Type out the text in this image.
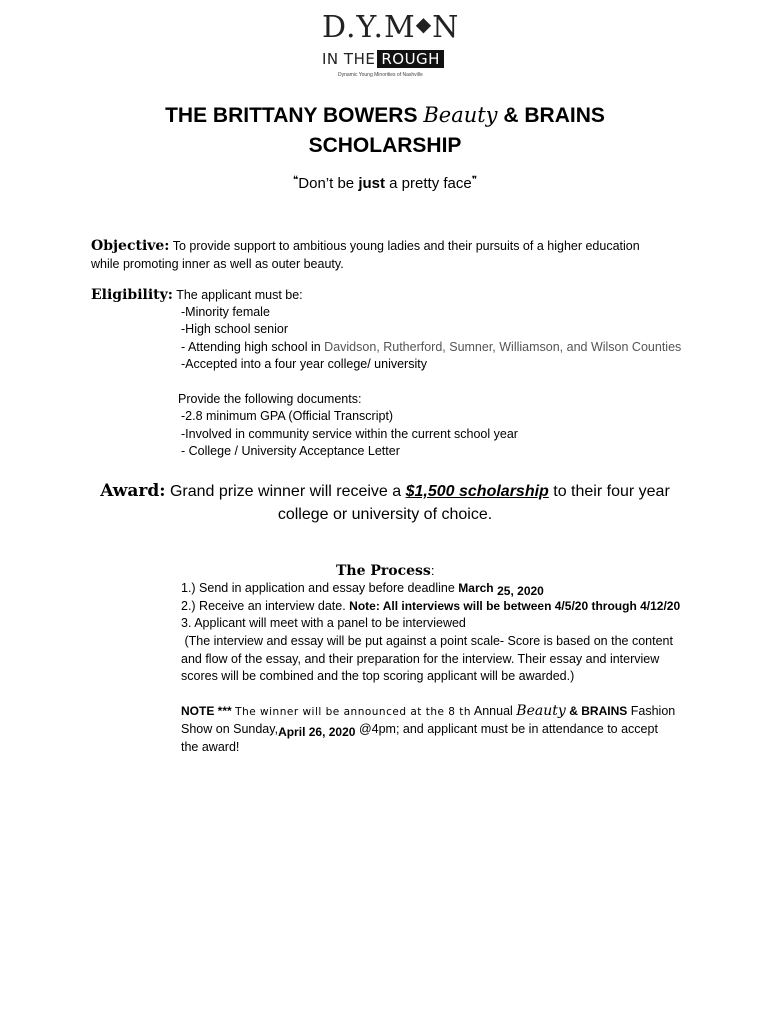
D.Y.M◆N
IN THE ROUGH
Dynamic Young Minorities of Nashville
THE BRITTANY BOWERS Beauty & BRAINS
SCHOLARSHIP
❝Don’t be just a pretty face❞
Objective: To provide support to ambitious young ladies and their pursuits of a higher education
while promoting inner as well as outer beauty.
Eligibility: The applicant must be:
-Minority female
-High school senior
- Attending high school in Davidson, Rutherford, Sumner, Williamson, and Wilson Counties
-Accepted into a four year college/ university
Provide the following documents:
-2.8 minimum GPA (Official Transcript)
-Involved in community service within the current school year
- College / University Acceptance Letter
Award: Grand prize winner will receive a $1,500 scholarship to their four year
college or university of choice.
The Process:
1.) Send in application and essay before deadline March 25, 2020
2.) Receive an interview date. Note: All interviews will be between 4/5/20 through 4/12/20
3. Applicant will meet with a panel to be interviewed
(The interview and essay will be put against a point scale- Score is based on the content
and flow of the essay, and their preparation for the interview. Their essay and interview
scores will be combined and the top scoring applicant will be awarded.)
NOTE *** The winner will be announced at the 8 th Annual Beauty & BRAINS Fashion
Show on Sunday,April 26, 2020 @4pm; and applicant must be in attendance to accept
the award!
